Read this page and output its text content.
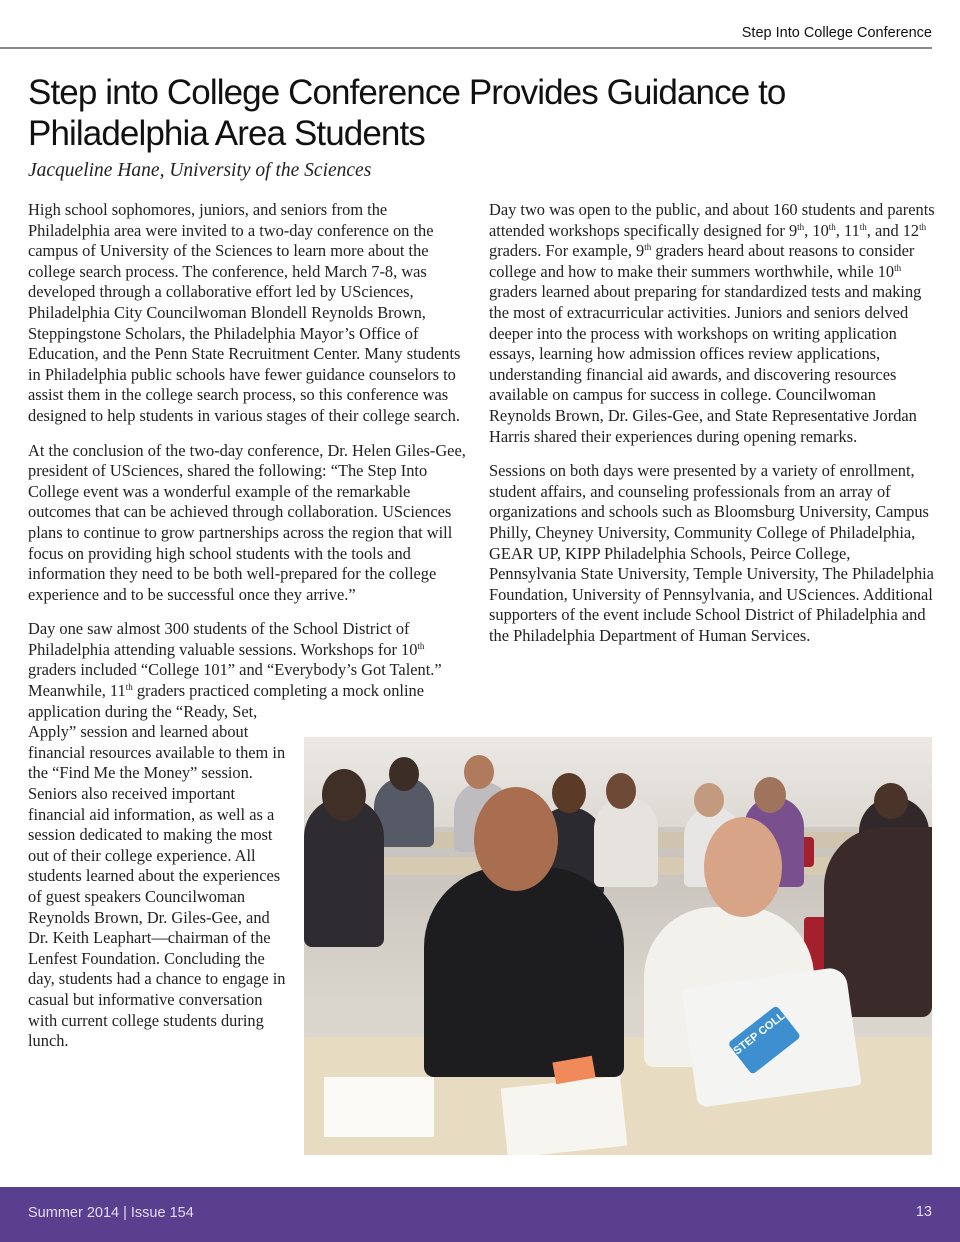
Step Into College Conference
Step into College Conference Provides Guidance to Philadelphia Area Students
Jacqueline Hane, University of the Sciences

High school sophomores, juniors, and seniors from the Philadelphia area were invited to a two-day conference on the campus of University of the Sciences to learn more about the college search process. The conference, held March 7-8, was developed through a collaborative effort led by USciences, Philadelphia City Councilwoman Blondell Reynolds Brown, Steppingstone Scholars, the Philadelphia Mayor’s Office of Education, and the Penn State Recruitment Center. Many students in Philadelphia public schools have fewer guidance counselors to assist them in the college search process, so this conference was designed to help students in various stages of their college search.

At the conclusion of the two-day conference, Dr. Helen Giles-Gee, president of USciences, shared the following: “The Step Into College event was a wonderful example of the remarkable outcomes that can be achieved through collaboration. USciences plans to continue to grow partnerships across the region that will focus on providing high school students with the tools and information they need to be both well-prepared for the college experience and to be successful once they arrive.”

Day one saw almost 300 students of the School District of Philadelphia attending valuable sessions. Workshops for 10th graders included “College 101” and “Everybody’s Got Talent.” Meanwhile, 11th graders practiced completing a mock online

application during the “Ready, Set, Apply” session and learned about financial resources available to them in the “Find Me the Money” session. Seniors also received important financial aid information, as well as a session dedicated to making the most out of their college experience. All students learned about the experiences of guest speakers Councilwoman Reynolds Brown, Dr. Giles-Gee, and Dr. Keith Leaphart—chairman of the Lenfest Foundation. Concluding the day, students had a chance to engage in casual but informative conversation with current college students during lunch.

Day two was open to the public, and about 160 students and parents attended workshops specifically designed for 9th, 10th, 11th, and 12th graders. For example, 9th graders heard about reasons to consider college and how to make their summers worthwhile, while 10th graders learned about preparing for standardized tests and making the most of extracurricular activities. Juniors and seniors delved deeper into the process with workshops on writing application essays, learning how admission offices review applications, understanding financial aid awards, and discovering resources available on campus for success in college. Councilwoman Reynolds Brown, Dr. Giles-Gee, and State Representative Jordan Harris shared their experiences during opening remarks.

Sessions on both days were presented by a variety of enrollment, student affairs, and counseling professionals from an array of organizations and schools such as Bloomsburg University, Campus Philly, Cheyney University, Community College of Philadelphia, GEAR UP, KIPP Philadelphia Schools, Peirce College, Pennsylvania State University, Temple University, The Philadelphia Foundation, University of Pennsylvania, and USciences. Additional supporters of the event include School District of Philadelphia and the Philadelphia Department of Human Services.

STEP COLL
Summer 2014 | Issue 154	13
